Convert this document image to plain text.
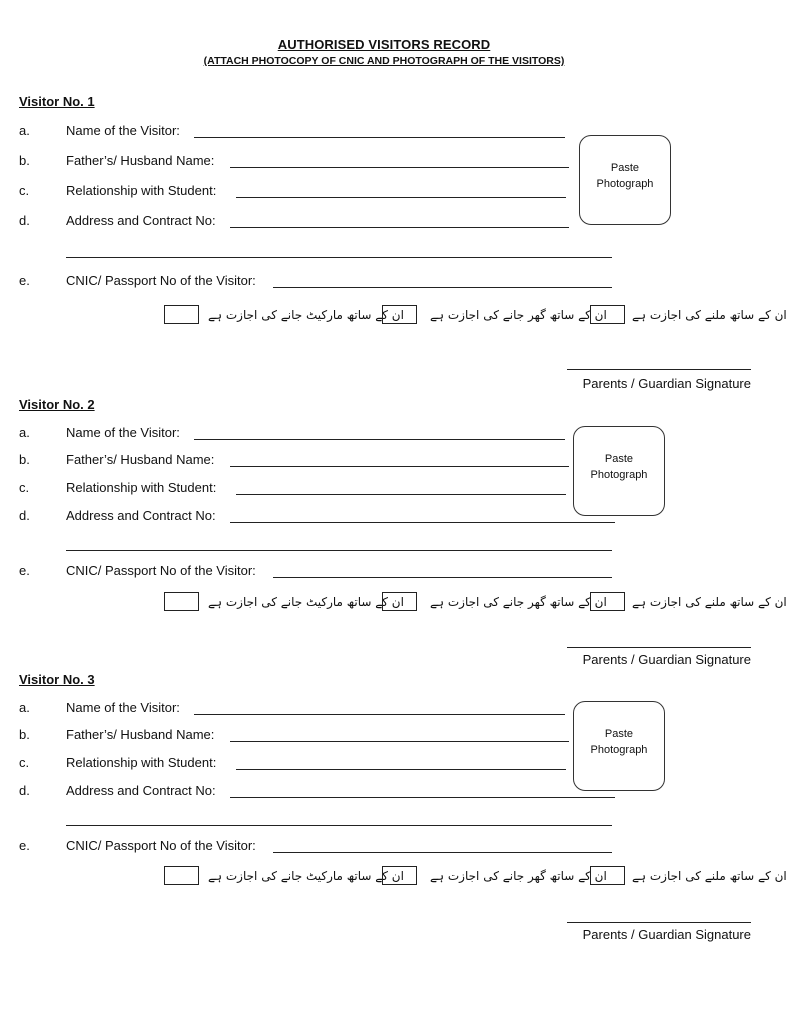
AUTHORISED VISITORS RECORD
(ATTACH PHOTOCOPY OF CNIC AND PHOTOGRAPH OF THE VISITORS)
Visitor No. 1
a.	Name of the Visitor:
b.	Father’s/ Husband Name:
c.	Relationship with Student:
d.	Address and Contract No:
e.	CNIC/ Passport No of the Visitor:
Paste
Photograph
ان کے ساتھ مارکیٹ جانے کی اجازت ہے ان کے ساتھ گھر جانے کی اجازت ہے ان کے ساتھ ملنے کی اجازت ہے
Parents / Guardian Signature
Visitor No. 2
a.	Name of the Visitor:
b.	Father’s/ Husband Name:
c.	Relationship with Student:
d.	Address and Contract No:
e.	CNIC/ Passport No of the Visitor:
Paste
Photograph
ان کے ساتھ مارکیٹ جانے کی اجازت ہے ان کے ساتھ گھر جانے کی اجازت ہے ان کے ساتھ ملنے کی اجازت ہے
Parents / Guardian Signature
Visitor No. 3
a.	Name of the Visitor:
b.	Father’s/ Husband Name:
c.	Relationship with Student:
d.	Address and Contract No:
e.	CNIC/ Passport No of the Visitor:
Paste
Photograph
ان کے ساتھ مارکیٹ جانے کی اجازت ہے ان کے ساتھ گھر جانے کی اجازت ہے ان کے ساتھ ملنے کی اجازت ہے
Parents / Guardian Signature
